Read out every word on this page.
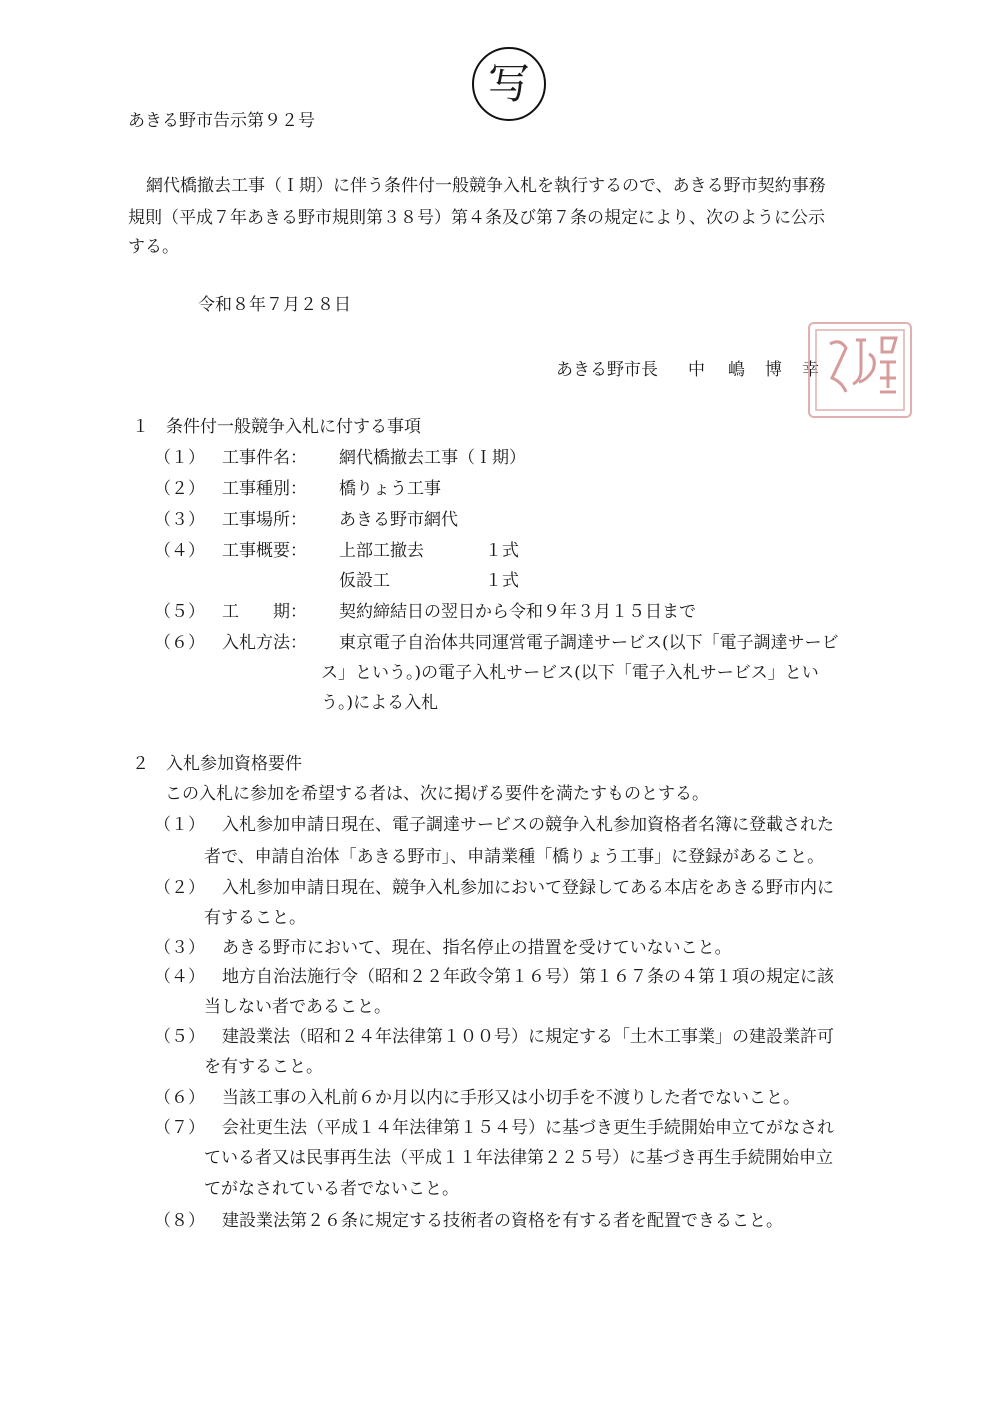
写
あきる野市告示第９２号
網代橋撤去工事（Ｉ期）に伴う条件付一般競争入札を執行するので、あきる野市契約事務
規則（平成７年あきる野市規則第３８号）第４条及び第７条の規定により、次のように公示
する。
令和８年７月２８日
あきる野市長 中 嶋 博 幸
１　条件付一般競争入札に付する事項
（１） 工事件名： 網代橋撤去工事（Ｉ期）
（２） 工事種別： 橋りょう工事
（３） 工事場所： あきる野市網代
（４） 工事概要： 上部工撤去	１式
仮設工	１式
（５） 工　　期： 契約締結日の翌日から令和９年３月１５日まで
（６） 入札方法： 東京電子自治体共同運営電子調達サービス(以下「電子調達サービ
ス」という。)の電子入札サービス(以下「電子入札サービス」とい
う。)による入札
２　入札参加資格要件
この入札に参加を希望する者は、次に掲げる要件を満たすものとする。
（１） 入札参加申請日現在、電子調達サービスの競争入札参加資格者名簿に登載された
者で、申請自治体「あきる野市」、申請業種「橋りょう工事」に登録があること。
（２） 入札参加申請日現在、競争入札参加において登録してある本店をあきる野市内に
有すること。
（３） あきる野市において、現在、指名停止の措置を受けていないこと。
（４） 地方自治法施行令（昭和２２年政令第１６号）第１６７条の４第１項の規定に該
当しない者であること。
（５） 建設業法（昭和２４年法律第１００号）に規定する「土木工事業」の建設業許可
を有すること。
（６） 当該工事の入札前６か月以内に手形又は小切手を不渡りした者でないこと。
（７） 会社更生法（平成１４年法律第１５４号）に基づき更生手続開始申立てがなされ
ている者又は民事再生法（平成１１年法律第２２５号）に基づき再生手続開始申立
てがなされている者でないこと。
（８） 建設業法第２６条に規定する技術者の資格を有する者を配置できること。
